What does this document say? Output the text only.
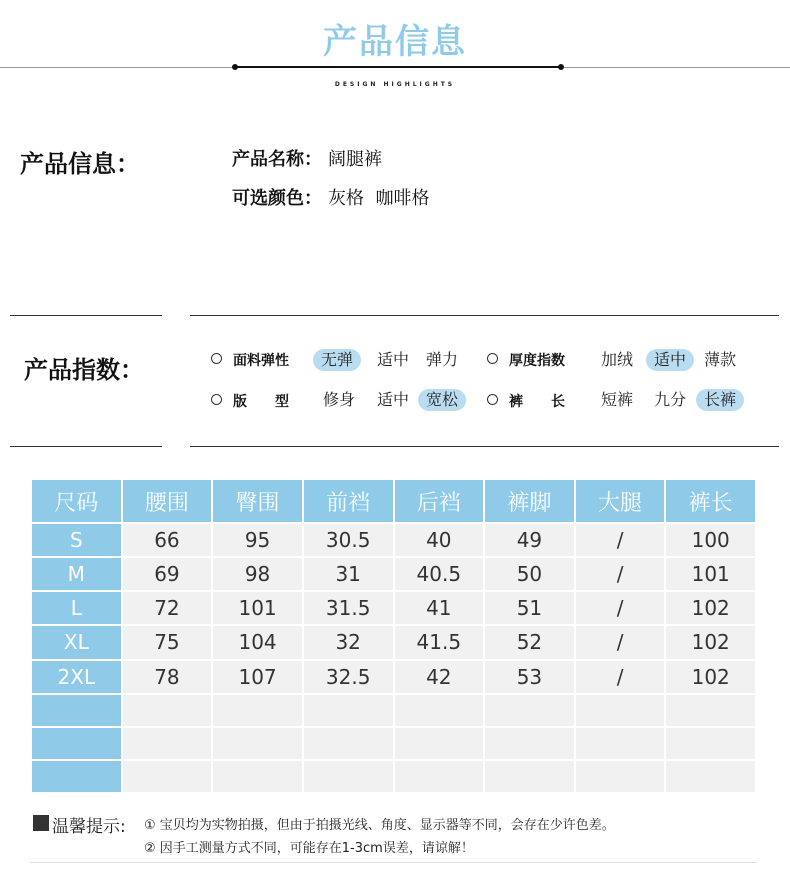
产品信息
DESIGN HIGHLIGHTS
产品信息：	产品名称： 阔腿裤
可选颜色： 灰格  咖啡格
产品指数：	面料弹性	无弹	适中 弹力	厚度指数 加绒	适中	薄款
版　　型 修身 适中	宽松	裤　　长 短裤 九分	长裤
尺码	腰围	臀围	前裆	后裆	裤脚	大腿	裤长
S	66	95	30.5	40	49	/	100
M	69	98	31	40.5	50	/	101
L	72	101	31.5	41	51	/	102
XL	75	104	32	41.5	52	/	102
2XL	78	107	32.5	42	53	/	102

温馨提示: ① 宝贝均为实物拍摄，但由于拍摄光线、角度、显示器等不同，会存在少许色差。
② 因手工测量方式不同，可能存在1-3cm误差，请谅解！
